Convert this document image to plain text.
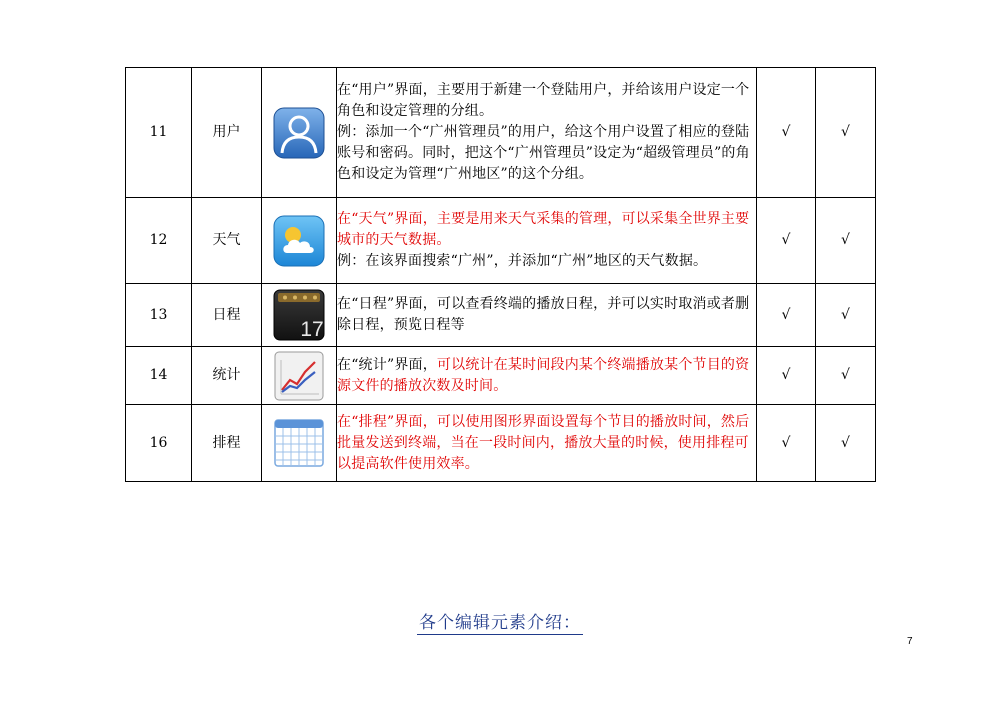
11	用户		在“用户”界面，主要用于新建一个登陆用户，并给该用户设定一个角色和设定管理的分组。
例：添加一个“广州管理员”的用户，给这个用户设置了相应的登陆账号和密码。同时，把这个“广州管理员”设定为“超级管理员”的角色和设定为管理“广州地区”的这个分组。	√	√
12	天气		在“天气”界面，主要是用来天气采集的管理，可以采集全世界主要城市的天气数据。
例：在该界面搜索“广州”，并添加“广州”地区的天气数据。	√	√
13	日程	17	在“日程”界面，可以查看终端的播放日程，并可以实时取消或者删除日程，预览日程等	√	√
14	统计		在“统计”界面，可以统计在某时间段内某个终端播放某个节目的资源文件的播放次数及时间。	√	√
16	排程		在“排程”界面，可以使用图形界面设置每个节目的播放时间，然后批量发送到终端，当在一段时间内，播放大量的时候，使用排程可以提高软件使用效率。	√	√
各个编辑元素介绍：
7
